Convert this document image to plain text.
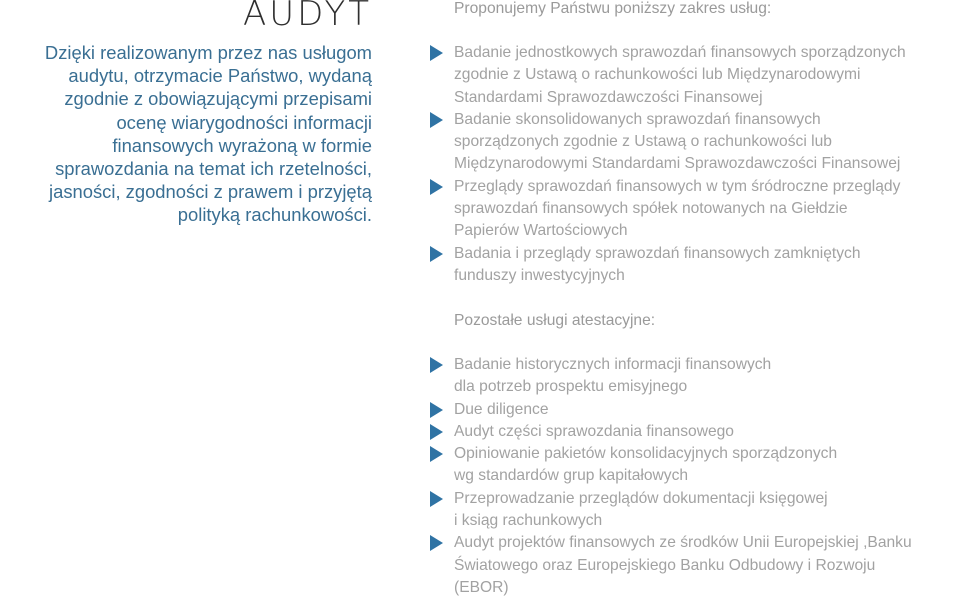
AUDYT
Dzięki realizowanym przez nas usługom
audytu, otrzymacie Państwo, wydaną
zgodnie z obowiązującymi przepisami
ocenę wiarygodności informacji
finansowych wyrażoną w formie
sprawozdania na temat ich rzetelności,
jasności, zgodności z prawem i przyjętą
polityką rachunkowości.
Proponujemy Państwu poniższy zakres usług:
Badanie jednostkowych sprawozdań finansowych sporządzonych
zgodnie z Ustawą o rachunkowości lub Międzynarodowymi
Standardami Sprawozdawczości Finansowej
Badanie skonsolidowanych sprawozdań finansowych
sporządzonych zgodnie z Ustawą o rachunkowości lub
Międzynarodowymi Standardami Sprawozdawczości Finansowej
Przeglądy sprawozdań finansowych w tym śródroczne przeglądy
sprawozdań finansowych spółek notowanych na Giełdzie
Papierów Wartościowych
Badania i przeglądy sprawozdań finansowych zamkniętych
funduszy inwestycyjnych
Pozostałe usługi atestacyjne:
Badanie historycznych informacji finansowych
dla potrzeb prospektu emisyjnego
Due diligence
Audyt części sprawozdania finansowego
Opiniowanie pakietów konsolidacyjnych sporządzonych
wg standardów grup kapitałowych
Przeprowadzanie przeglądów dokumentacji księgowej
i ksiąg rachunkowych
Audyt projektów finansowych ze środków Unii Europejskiej ,Banku
Światowego oraz Europejskiego Banku Odbudowy i Rozwoju
(EBOR)
